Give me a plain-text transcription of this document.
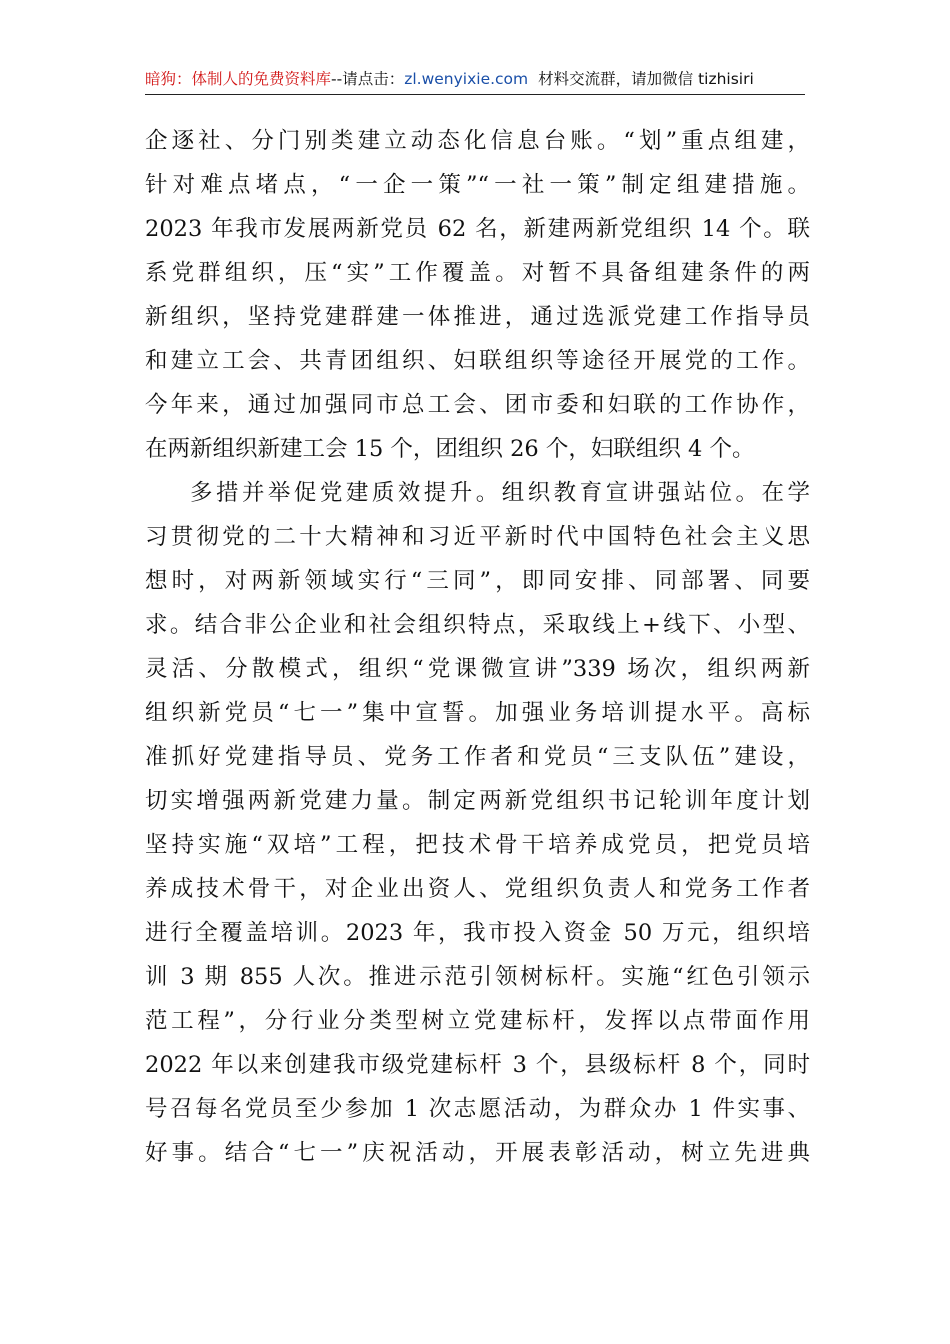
暗狗：体制人的免费资料库--请点击：zl.wenyixie.com 材料交流群，请加微信 tizhisiri
企逐社、分门别类建立动态化信息台账。“划”重点组建，
针对难点堵点，“一企一策”“一社一策”制定组建措施。
2023 年我市发展两新党员 62 名，新建两新党组织 14 个。联
系党群组织，压“实”工作覆盖。对暂不具备组建条件的两
新组织，坚持党建群建一体推进，通过选派党建工作指导员
和建立工会、共青团组织、妇联组织等途径开展党的工作。
今年来，通过加强同市总工会、团市委和妇联的工作协作，
在两新组织新建工会 15 个，团组织 26 个，妇联组织 4 个。
多措并举促党建质效提升。组织教育宣讲强站位。在学
习贯彻党的二十大精神和习近平新时代中国特色社会主义思
想时，对两新领域实行“三同”，即同安排、同部署、同要
求。结合非公企业和社会组织特点，采取线上+线下、小型、
灵活、分散模式，组织“党课微宣讲”339 场次，组织两新
组织新党员“七一”集中宣誓。加强业务培训提水平。高标
准抓好党建指导员、党务工作者和党员“三支队伍”建设，
切实增强两新党建力量。制定两新党组织书记轮训年度计划
坚持实施“双培”工程，把技术骨干培养成党员，把党员培
养成技术骨干，对企业出资人、党组织负责人和党务工作者
进行全覆盖培训。2023 年，我市投入资金 50 万元，组织培
训 3 期 855 人次。推进示范引领树标杆。实施“红色引领示
范工程”，分行业分类型树立党建标杆，发挥以点带面作用
2022 年以来创建我市级党建标杆 3 个，县级标杆 8 个，同时
号召每名党员至少参加 1 次志愿活动，为群众办 1 件实事、
好事。结合“七一”庆祝活动，开展表彰活动，树立先进典
